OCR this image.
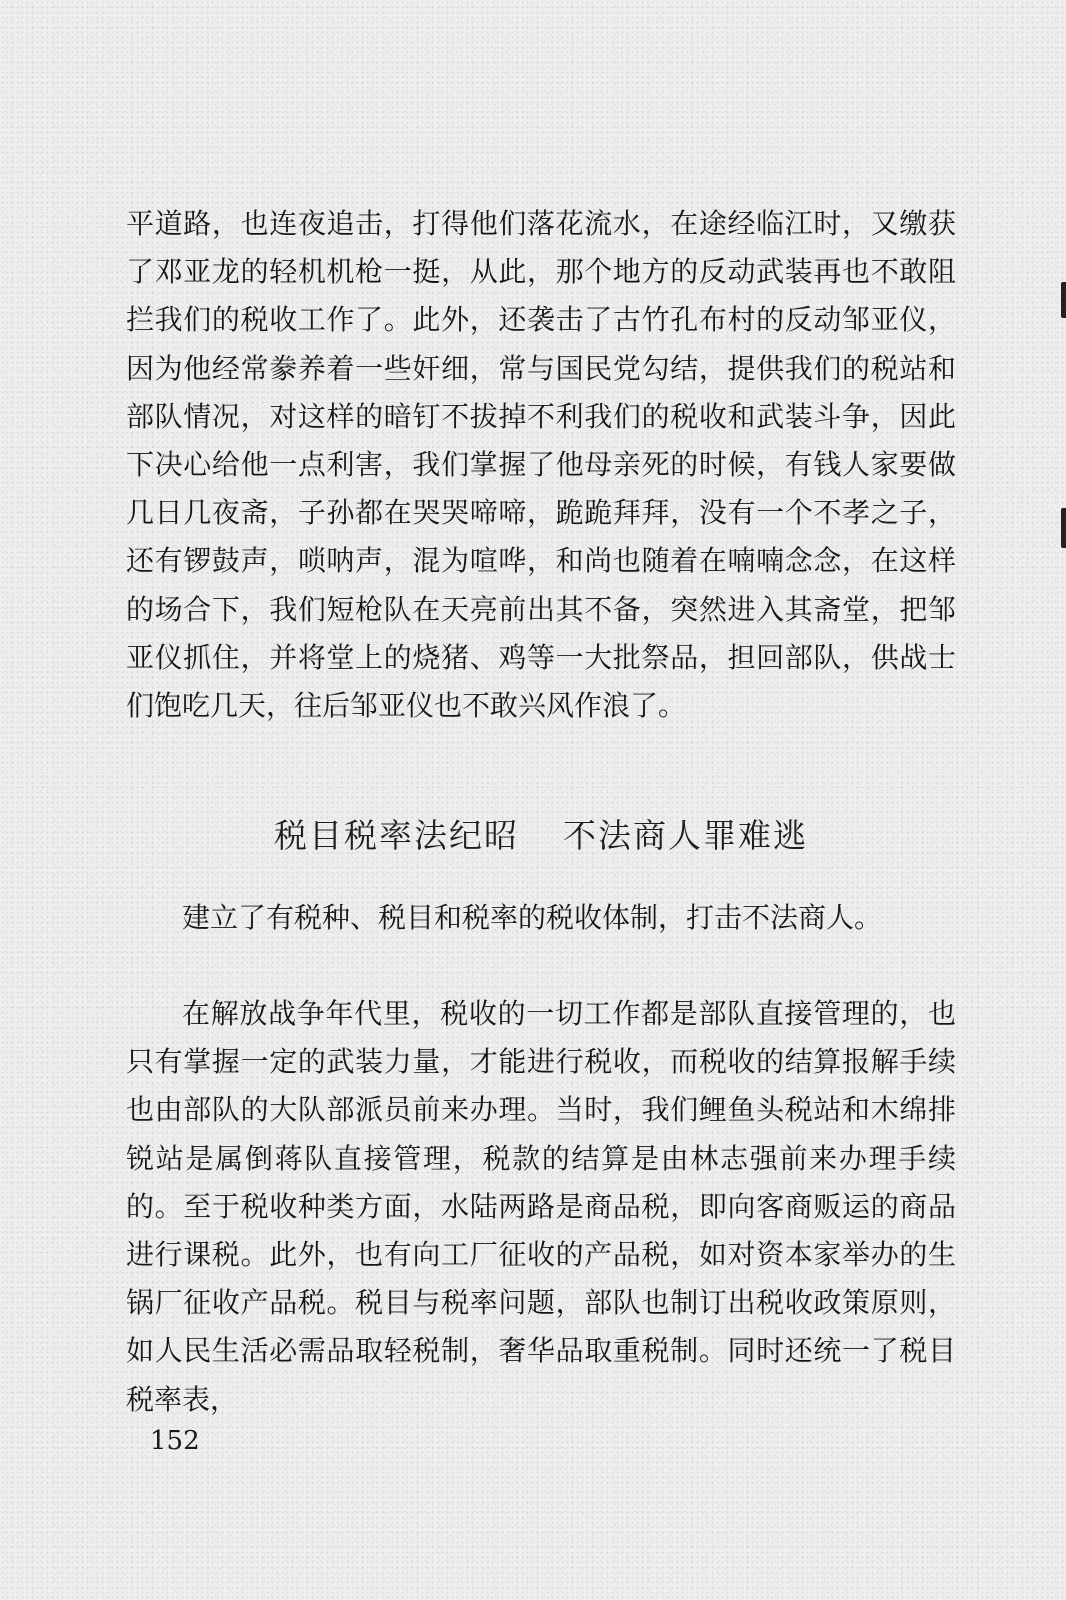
平道路，也连夜追击，打得他们落花流水，在途经临江时，又缴获了邓亚龙的轻机机枪一挺，从此，那个地方的反动武装再也不敢阻拦我们的税收工作了。此外，还袭击了古竹孔布村的反动邹亚仪，因为他经常豢养着一些奸细，常与国民党勾结，提供我们的税站和部队情况，对这样的暗钉不拔掉不利我们的税收和武装斗争，因此下决心给他一点利害，我们掌握了他母亲死的时候，有钱人家要做几日几夜斋，子孙都在哭哭啼啼，跪跪拜拜，没有一个不孝之子，还有锣鼓声，唢呐声，混为喧哗，和尚也随着在喃喃念念，在这样的场合下，我们短枪队在天亮前出其不备，突然进入其斋堂，把邹亚仪抓住，并将堂上的烧猪、鸡等一大批祭品，担回部队，供战士们饱吃几天，往后邹亚仪也不敢兴风作浪了。

税目税率法纪昭 不法商人罪难逃

建立了有税种、税目和税率的税收体制，打击不法商人。

在解放战争年代里，税收的一切工作都是部队直接管理的，也只有掌握一定的武装力量，才能进行税收，而税收的结算报解手续也由部队的大队部派员前来办理。当时，我们鲤鱼头税站和木绵排锐站是属倒蒋队直接管理，税款的结算是由林志强前来办理手续的。至于税收种类方面，水陆两路是商品税，即向客商贩运的商品进行课税。此外，也有向工厂征收的产品税，如对资本家举办的生锅厂征收产品税。税目与税率问题，部队也制订出税收政策原则，如人民生活必需品取轻税制，奢华品取重税制。同时还统一了税目税率表，

152
